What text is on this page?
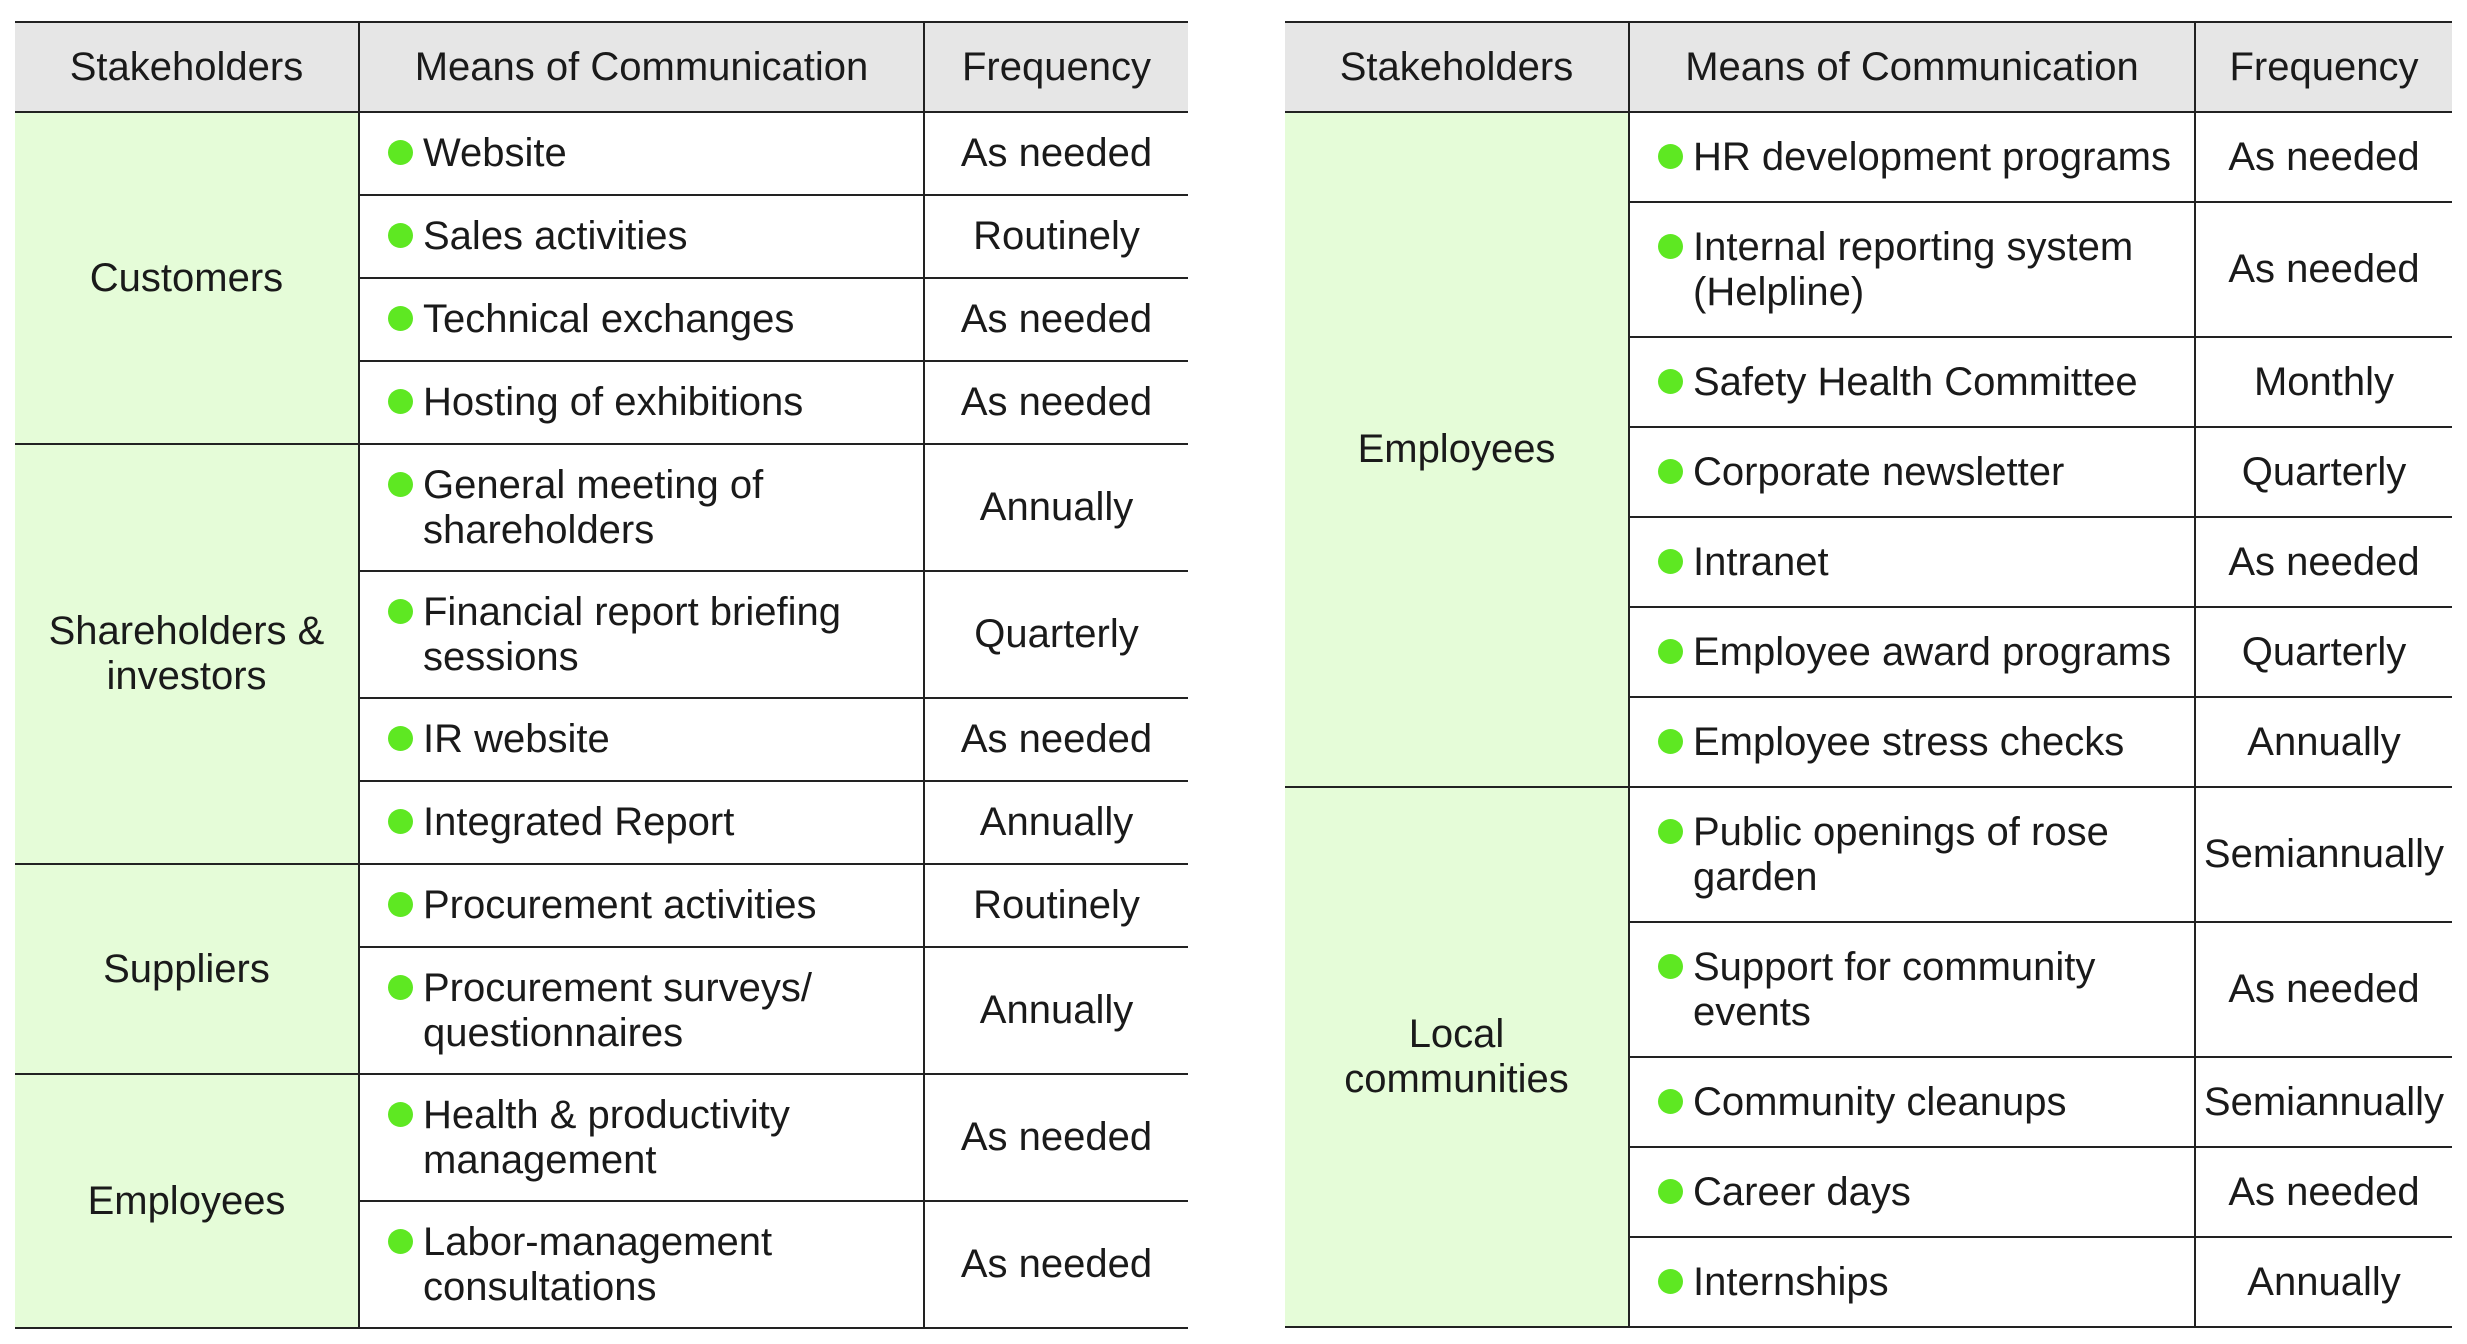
Stakeholders	Means of Communication	Frequency
Customers	Website	As needed

	Sales activities	Routinely

	Technical exchanges	As needed

	Hosting of exhibitions	As needed
Shareholders & investors	General meeting of shareholders	Annually

	Financial report briefing sessions	Quarterly

	IR website	As needed

	Integrated Report	Annually
Suppliers	Procurement activities	Routinely

	Procurement surveys/ questionnaires	Annually
Employees	Health & productivity management	As needed

	Labor-management consultations	As needed
Stakeholders	Means of Communication	Frequency
Employees	HR development programs	As needed

	Internal reporting system (Helpline)	As needed

	Safety Health Committee	Monthly

	Corporate newsletter	Quarterly

	Intranet	As needed

	Employee award programs	Quarterly

	Employee stress checks	Annually
Local communities	Public openings of rose garden	Semiannually

	Support for community events	As needed

	Community cleanups	Semiannually

	Career days	As needed

	Internships	Annually
